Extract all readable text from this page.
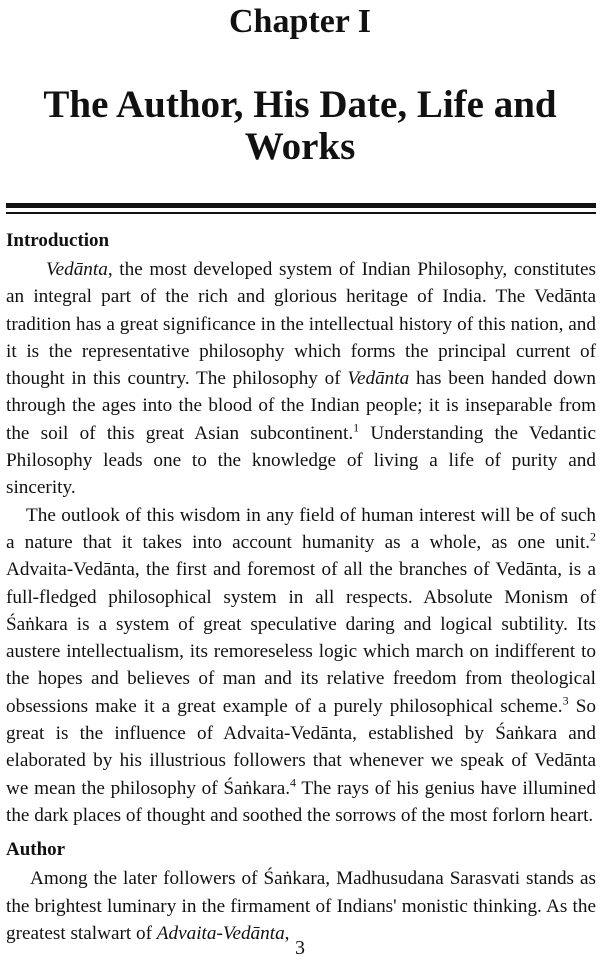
Chapter I
The Author, His Date, Life and Works
Introduction

Vedānta, the most developed system of Indian Philosophy, constitutes an integral part of the rich and glorious heritage of India. The Vedānta tradition has a great significance in the intellectual history of this nation, and it is the representative philosophy which forms the principal current of thought in this country. The philosophy of Vedānta has been handed down through the ages into the blood of the Indian people; it is inseparable from the soil of this great Asian subcontinent.$^1$ Understanding the Vedantic Philosophy leads one to the knowledge of living a life of purity and sincerity.

The outlook of this wisdom in any field of human interest will be of such a nature that it takes into account humanity as a whole, as one unit.$^2$ Advaita-Vedānta, the first and foremost of all the branches of Vedānta, is a full-fledged philosophical system in all respects. Absolute Monism of Śaṅkara is a system of great speculative daring and logical subtility. Its austere intellectualism, its remoreseless logic which march on indifferent to the hopes and believes of man and its relative freedom from theological obsessions make it a great example of a purely philosophical scheme.$^3$ So great is the influence of Advaita-Vedānta, established by Śaṅkara and elaborated by his illustrious followers that whenever we speak of Vedānta we mean the philosophy of Śaṅkara.$^4$ The rays of his genius have illumined the dark places of thought and soothed the sorrows of the most forlorn heart.

Author

Among the later followers of Śaṅkara, Madhusudana Sarasvati stands as the brightest luminary in the firmament of Indians' monistic thinking. As the greatest stalwart of Advaita-Vedānta,

3
